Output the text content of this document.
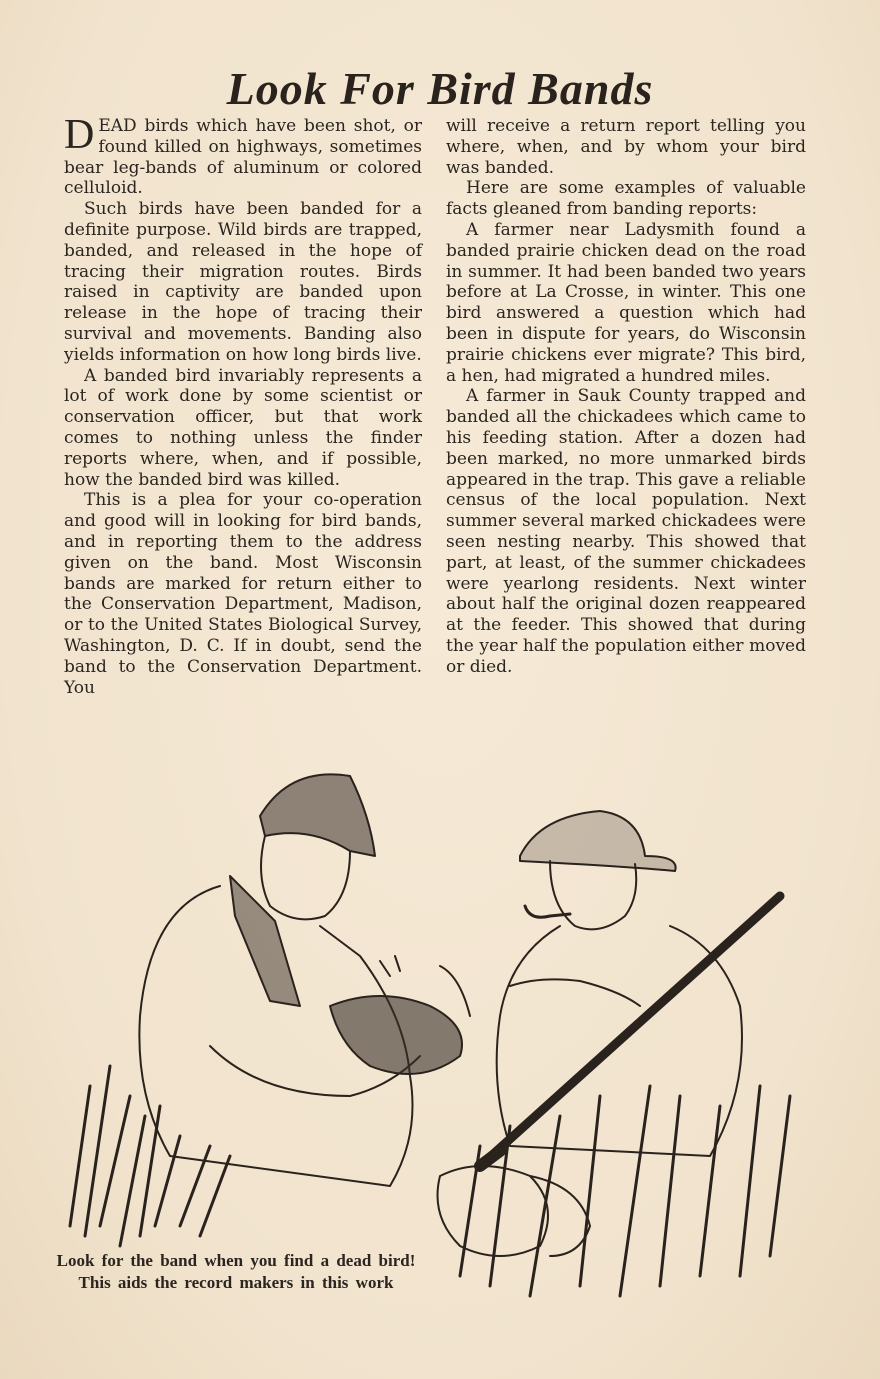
Look For Bird Bands

DEAD birds which have been shot, or found killed on highways, sometimes bear leg-bands of aluminum or colored celluloid.

Such birds have been banded for a definite purpose. Wild birds are trapped, banded, and released in the hope of tracing their migration routes. Birds raised in captivity are banded upon release in the hope of tracing their survival and movements. Banding also yields information on how long birds live.

A banded bird invariably represents a lot of work done by some scientist or conservation officer, but that work comes to nothing unless the finder reports where, when, and if possible, how the banded bird was killed.

This is a plea for your co-operation and good will in looking for bird bands, and in reporting them to the address given on the band. Most Wisconsin bands are marked for return either to the Conservation Department, Madison, or to the United States Biological Survey, Washington, D. C. If in doubt, send the band to the Conservation Department. You

will receive a return report telling you where, when, and by whom your bird was banded.

Here are some examples of valuable facts gleaned from banding reports:

A farmer near Ladysmith found a banded prairie chicken dead on the road in summer. It had been banded two years before at La Crosse, in winter. This one bird answered a question which had been in dispute for years, do Wisconsin prairie chickens ever migrate? This bird, a hen, had migrated a hundred miles.

A farmer in Sauk County trapped and banded all the chickadees which came to his feeding station. After a dozen had been marked, no more unmarked birds appeared in the trap. This gave a reliable census of the local population. Next summer several marked chickadees were seen nesting nearby. This showed that part, at least, of the summer chickadees were yearlong residents. Next winter about half the original dozen reappeared at the feeder. This showed that during the year half the population either moved or died.

Look for the band when you find a dead bird! This aids the record makers in this work
